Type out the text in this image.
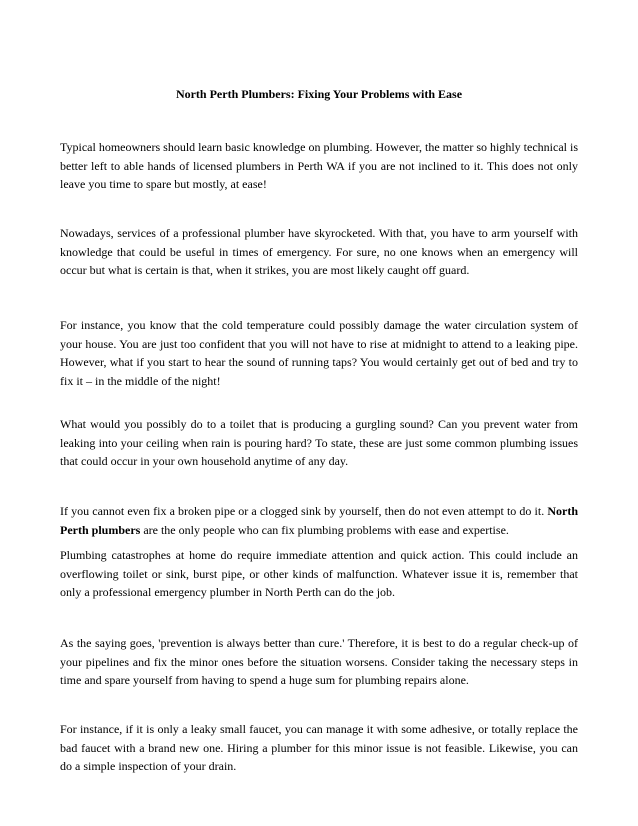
North Perth Plumbers: Fixing Your Problems with Ease

Typical homeowners should learn basic knowledge on plumbing. However, the matter so highly technical is better left to able hands of licensed plumbers in Perth WA if you are not inclined to it. This does not only leave you time to spare but mostly, at ease!

Nowadays, services of a professional plumber have skyrocketed. With that, you have to arm yourself with knowledge that could be useful in times of emergency. For sure, no one knows when an emergency will occur but what is certain is that, when it strikes, you are most likely caught off guard.

For instance, you know that the cold temperature could possibly damage the water circulation system of your house. You are just too confident that you will not have to rise at midnight to attend to a leaking pipe. However, what if you start to hear the sound of running taps? You would certainly get out of bed and try to fix it – in the middle of the night!

What would you possibly do to a toilet that is producing a gurgling sound? Can you prevent water from leaking into your ceiling when rain is pouring hard? To state, these are just some common plumbing issues that could occur in your own household anytime of any day.

If you cannot even fix a broken pipe or a clogged sink by yourself, then do not even attempt to do it. North Perth plumbers are the only people who can fix plumbing problems with ease and expertise.

Plumbing catastrophes at home do require immediate attention and quick action. This could include an overflowing toilet or sink, burst pipe, or other kinds of malfunction. Whatever issue it is, remember that only a professional emergency plumber in North Perth can do the job.

As the saying goes, 'prevention is always better than cure.' Therefore, it is best to do a regular check-up of your pipelines and fix the minor ones before the situation worsens. Consider taking the necessary steps in time and spare yourself from having to spend a huge sum for plumbing repairs alone.

For instance, if it is only a leaky small faucet, you can manage it with some adhesive, or totally replace the bad faucet with a brand new one. Hiring a plumber for this minor issue is not feasible. Likewise, you can do a simple inspection of your drain.
